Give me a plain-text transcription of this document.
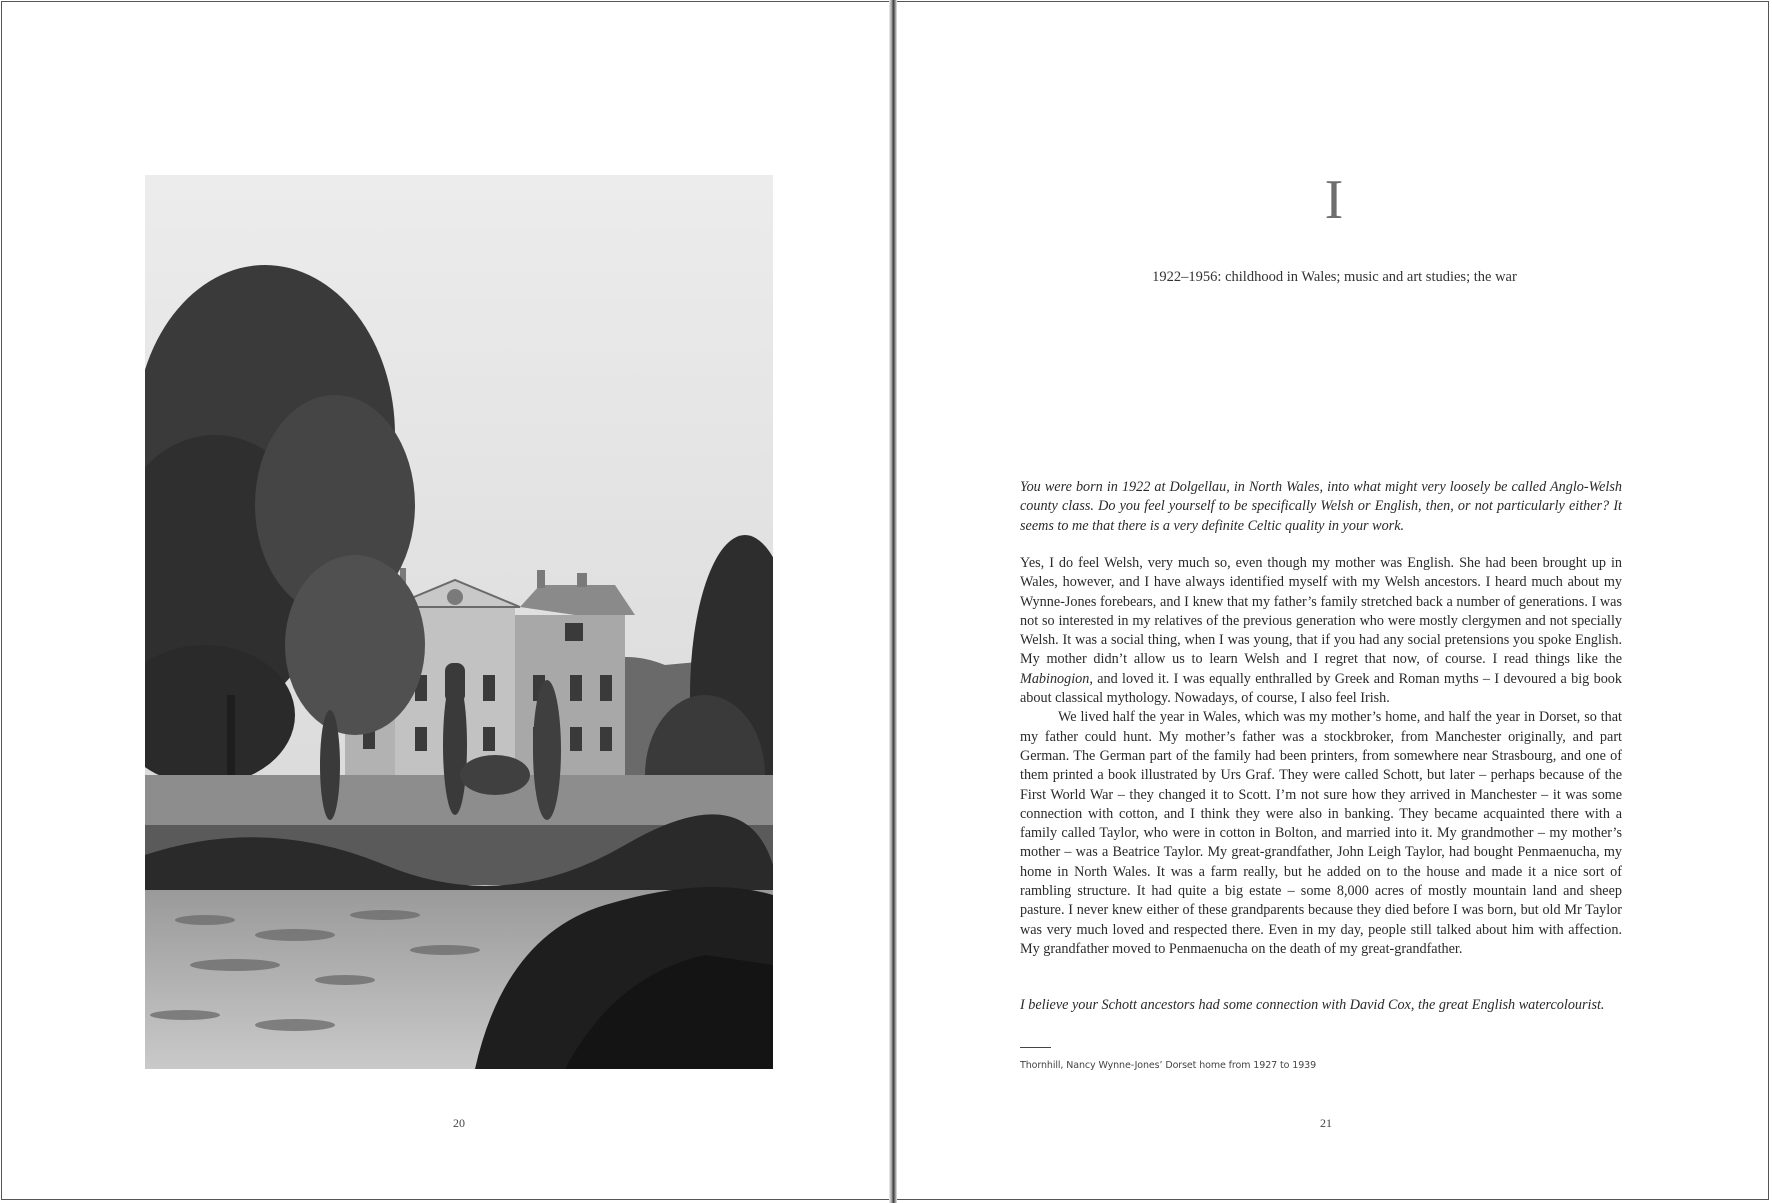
20
I
1922–1956: childhood in Wales; music and art studies; the war

You were born in 1922 at Dolgellau, in North Wales, into what might very loosely be called Anglo-Welsh county class. Do you feel yourself to be specifically Welsh or English, then, or not particularly either? It seems to me that there is a very definite Celtic quality in your work.

Yes, I do feel Welsh, very much so, even though my mother was English. She had been brought up in Wales, however, and I have always identified myself with my Welsh ancestors. I heard much about my Wynne-Jones forebears, and I knew that my father’s family stretched back a number of generations. I was not so interested in my relatives of the previous generation who were mostly clergymen and not specially Welsh. It was a social thing, when I was young, that if you had any social pretensions you spoke English. My mother didn’t allow us to learn Welsh and I regret that now, of course. I read things like the Mabinogion, and loved it. I was equally enthralled by Greek and Roman myths – I devoured a big book about classical mythology. Nowadays, of course, I also feel Irish.

We lived half the year in Wales, which was my mother’s home, and half the year in Dorset, so that my father could hunt. My mother’s father was a stockbroker, from Manchester originally, and part German. The German part of the family had been printers, from somewhere near Strasbourg, and one of them printed a book illustrated by Urs Graf. They were called Schott, but later – perhaps because of the First World War – they changed it to Scott. I’m not sure how they arrived in Manchester – it was some connection with cotton, and I think they were also in banking. They became acquainted there with a family called Taylor, who were in cotton in Bolton, and married into it. My grandmother – my mother’s mother – was a Beatrice Taylor. My great-grandfather, John Leigh Taylor, had bought Penmaenucha, my home in North Wales. It was a farm really, but he added on to the house and made it a nice sort of rambling structure. It had quite a big estate – some 8,000 acres of mostly mountain land and sheep pasture. I never knew either of these grandparents because they died before I was born, but old Mr Taylor was very much loved and respected there. Even in my day, people still talked about him with affection. My grandfather moved to Penmaenucha on the death of my great-grandfather.

I believe your Schott ancestors had some connection with David Cox, the great English watercolourist.

Thornhill, Nancy Wynne-Jones’ Dorset home from 1927 to 1939
21
